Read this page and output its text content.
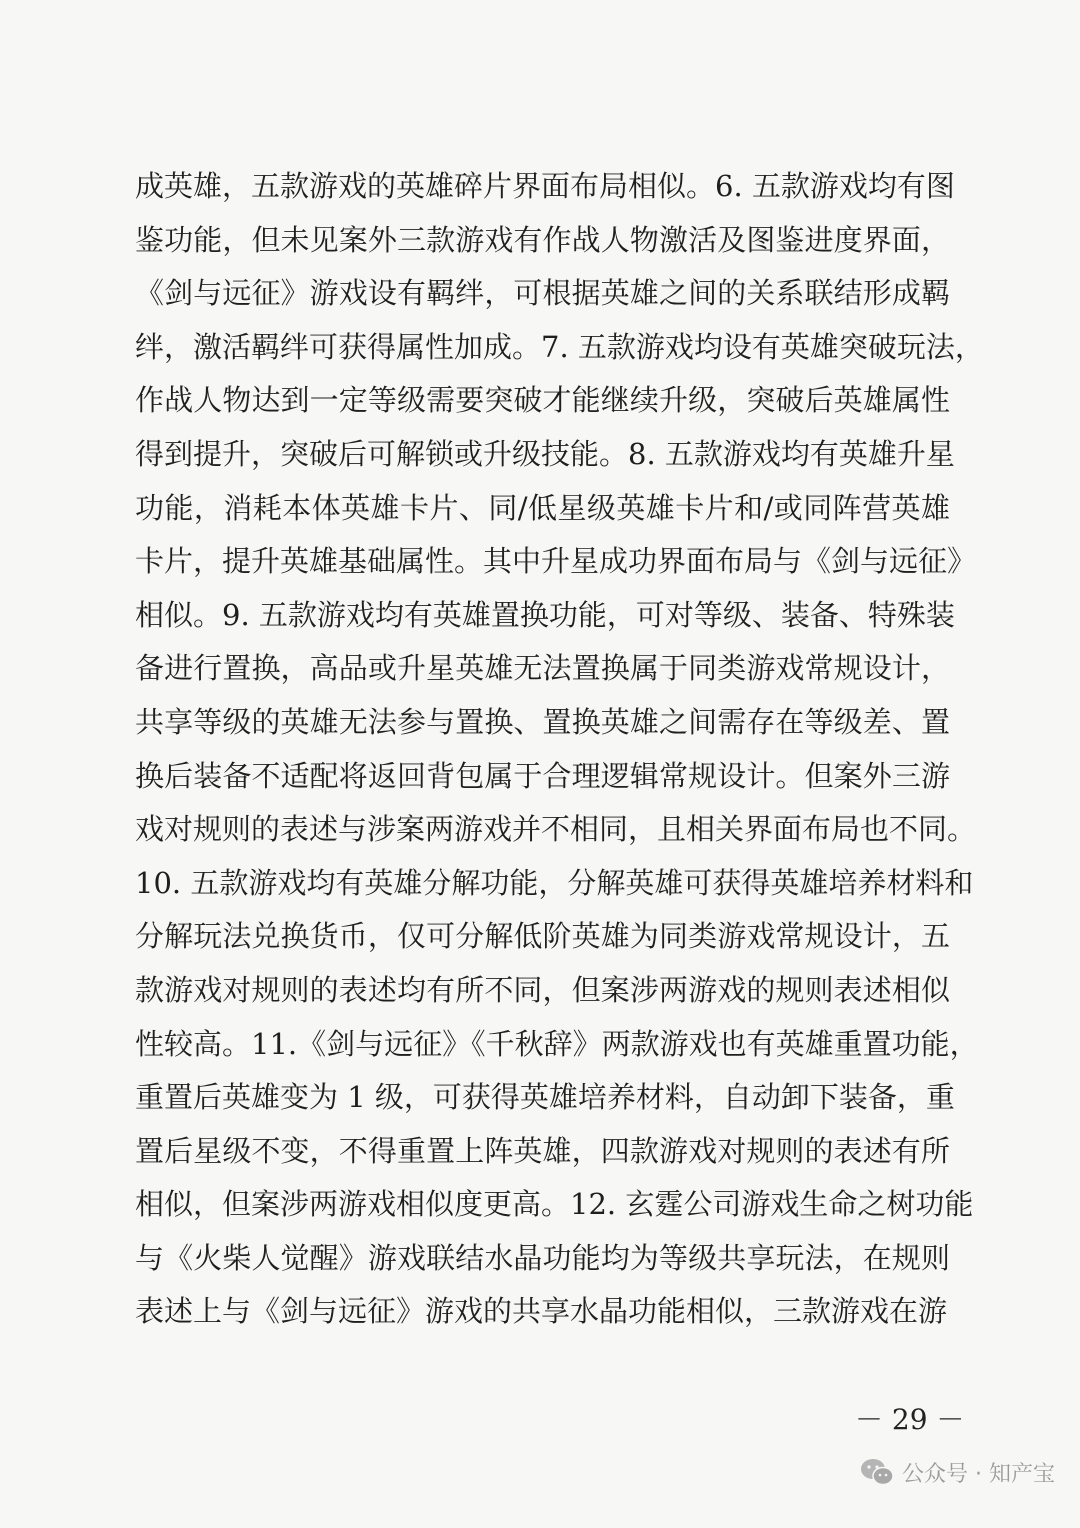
成英雄，五款游戏的英雄碎片界面布局相似。6. 五款游戏均有图
鉴功能，但未见案外三款游戏有作战人物激活及图鉴进度界面，
《剑与远征》游戏设有羁绊，可根据英雄之间的关系联结形成羁
绊，激活羁绊可获得属性加成。7. 五款游戏均设有英雄突破玩法，
作战人物达到一定等级需要突破才能继续升级，突破后英雄属性
得到提升，突破后可解锁或升级技能。8. 五款游戏均有英雄升星
功能，消耗本体英雄卡片、同/低星级英雄卡片和/或同阵营英雄
卡片，提升英雄基础属性。其中升星成功界面布局与《剑与远征》
相似。9. 五款游戏均有英雄置换功能，可对等级、装备、特殊装
备进行置换，高品或升星英雄无法置换属于同类游戏常规设计，
共享等级的英雄无法参与置换、置换英雄之间需存在等级差、置
换后装备不适配将返回背包属于合理逻辑常规设计。但案外三游
戏对规则的表述与涉案两游戏并不相同，且相关界面布局也不同。
10. 五款游戏均有英雄分解功能，分解英雄可获得英雄培养材料和
分解玩法兑换货币，仅可分解低阶英雄为同类游戏常规设计，五
款游戏对规则的表述均有所不同，但案涉两游戏的规则表述相似
性较高。11.《剑与远征》《千秋辞》两款游戏也有英雄重置功能，
重置后英雄变为 1 级，可获得英雄培养材料，自动卸下装备，重
置后星级不变，不得重置上阵英雄，四款游戏对规则的表述有所
相似，但案涉两游戏相似度更高。12. 玄霆公司游戏生命之树功能
与《火柴人觉醒》游戏联结水晶功能均为等级共享玩法，在规则
表述上与《剑与远征》游戏的共享水晶功能相似，三款游戏在游
－ 29 －
公众号 · 知产宝
